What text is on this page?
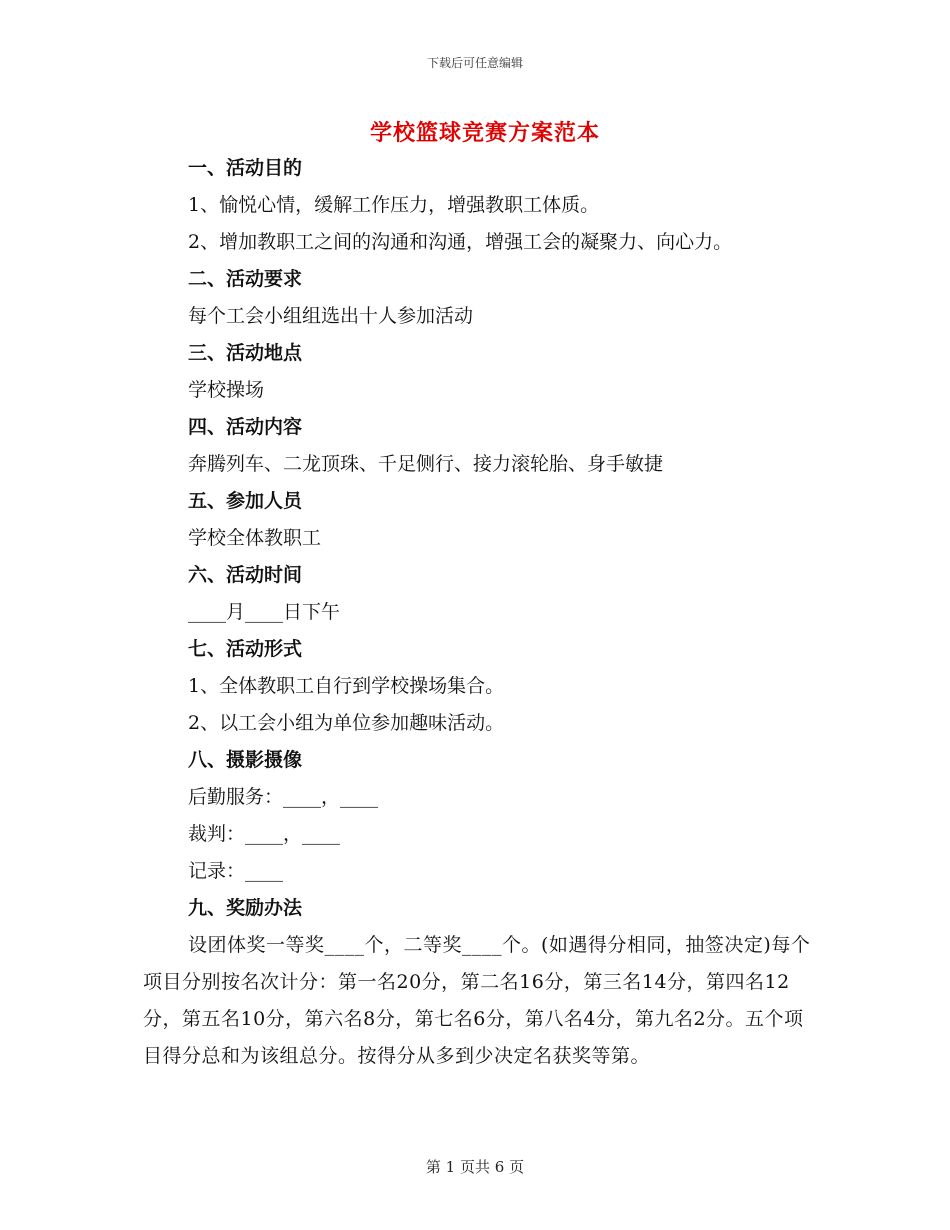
下载后可任意编辑
学校篮球竞赛方案范本
一、活动目的
1、愉悦心情，缓解工作压力，增强教职工体质。
2、增加教职工之间的沟通和沟通，增强工会的凝聚力、向心力。
二、活动要求
每个工会小组组选出十人参加活动
三、活动地点
学校操场
四、活动内容
奔腾列车、二龙顶珠、千足侧行、接力滚轮胎、身手敏捷
五、参加人员
学校全体教职工
六、活动时间
____月____日下午
七、活动形式
1、全体教职工自行到学校操场集合。
2、以工会小组为单位参加趣味活动。
八、摄影摄像
后勤服务：____，____
裁判：____，____
记录：____
九、奖励办法

设团体奖一等奖____个，二等奖____个。(如遇得分相同，抽签决定)每个项目分别按名次计分：第一名20分，第二名16分，第三名14分，第四名12分，第五名10分，第六名8分，第七名6分，第八名4分，第九名2分。五个项目得分总和为该组总分。按得分从多到少决定名获奖等第。

第 1 页共 6 页
